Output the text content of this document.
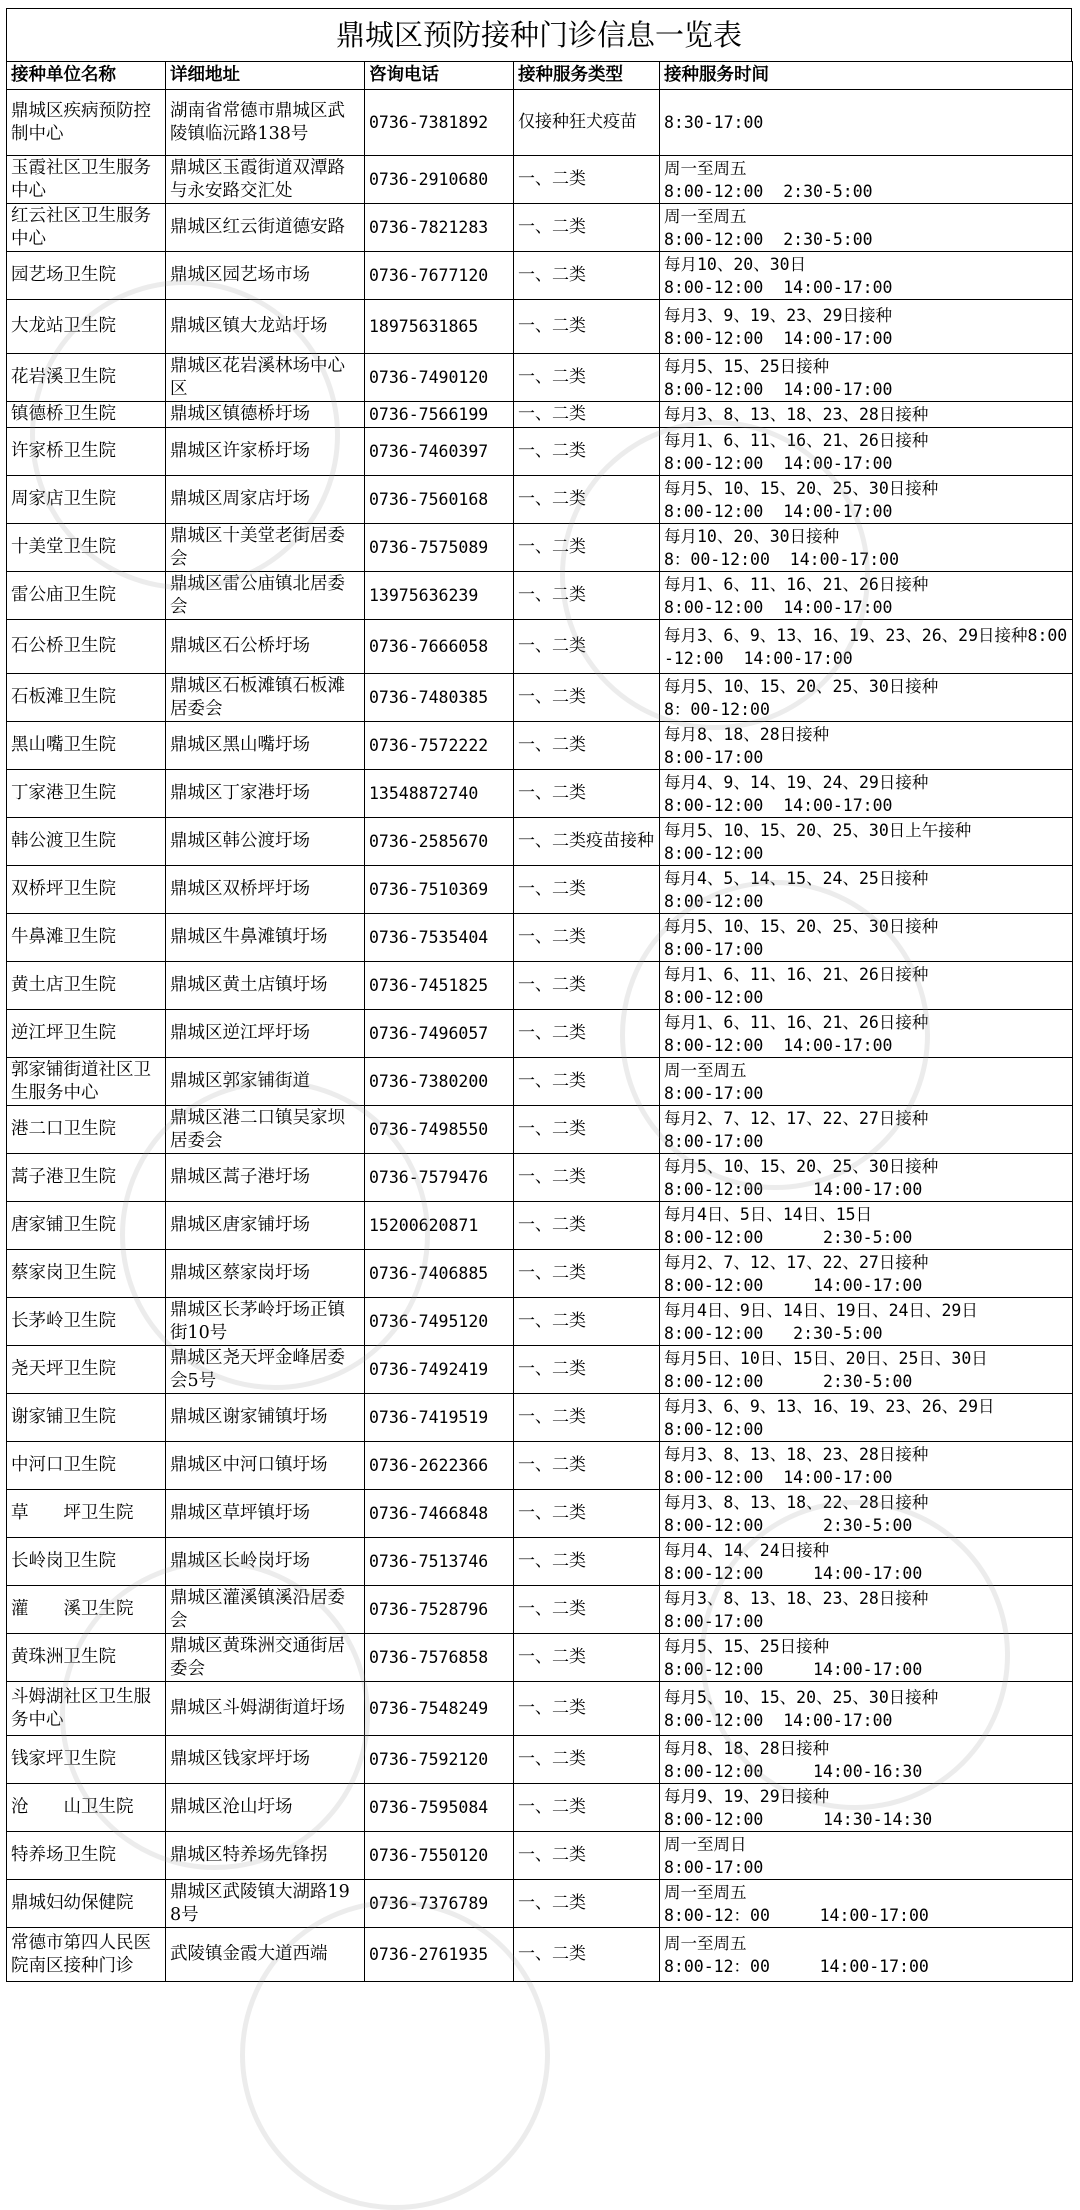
鼎城区预防接种门诊信息一览表
接种单位名称	详细地址	咨询电话	接种服务类型	接种服务时间
鼎城区疾病预防控制中心	湖南省常德市鼎城区武陵镇临沅路138号	0736-7381892	仅接种狂犬疫苗	8:30-17:00
玉霞社区卫生服务中心	鼎城区玉霞街道双潭路与永安路交汇处	0736-2910680	一、二类	周一至周五
8:00-12:00  2:30-5:00
红云社区卫生服务中心	鼎城区红云街道德安路	0736-7821283	一、二类	周一至周五
8:00-12:00  2:30-5:00
园艺场卫生院	鼎城区园艺场市场	0736-7677120	一、二类	每月10、20、30日
8:00-12:00  14:00-17:00
大龙站卫生院	鼎城区镇大龙站圩场	18975631865	一、二类	每月3、9、19、23、29日接种
8:00-12:00  14:00-17:00
花岩溪卫生院	鼎城区花岩溪林场中心区	0736-7490120	一、二类	每月5、15、25日接种
8:00-12:00  14:00-17:00
镇德桥卫生院	鼎城区镇德桥圩场	0736-7566199	一、二类	每月3、8、13、18、23、28日接种
许家桥卫生院	鼎城区许家桥圩场	0736-7460397	一、二类	每月1、6、11、16、21、26日接种
8:00-12:00  14:00-17:00
周家店卫生院	鼎城区周家店圩场	0736-7560168	一、二类	每月5、10、15、20、25、30日接种
8:00-12:00  14:00-17:00
十美堂卫生院	鼎城区十美堂老街居委会	0736-7575089	一、二类	每月10、20、30日接种
8：00-12:00  14:00-17:00
雷公庙卫生院	鼎城区雷公庙镇北居委会	13975636239	一、二类	每月1、6、11、16、21、26日接种
8:00-12:00  14:00-17:00
石公桥卫生院	鼎城区石公桥圩场	0736-7666058	一、二类	每月3、6、9、13、16、19、23、26、29日接种8:00-12:00  14:00-17:00
石板滩卫生院	鼎城区石板滩镇石板滩居委会	0736-7480385	一、二类	每月5、10、15、20、25、30日接种
8：00-12:00
黑山嘴卫生院	鼎城区黑山嘴圩场	0736-7572222	一、二类	每月8、18、28日接种
8:00-17:00
丁家港卫生院	鼎城区丁家港圩场	13548872740	一、二类	每月4、9、14、19、24、29日接种
8:00-12:00  14:00-17:00
韩公渡卫生院	鼎城区韩公渡圩场	0736-2585670	一、二类疫苗接种	每月5、10、15、20、25、30日上午接种
8:00-12:00
双桥坪卫生院	鼎城区双桥坪圩场	0736-7510369	一、二类	每月4、5、14、15、24、25日接种
8:00-12:00
牛鼻滩卫生院	鼎城区牛鼻滩镇圩场	0736-7535404	一、二类	每月5、10、15、20、25、30日接种
8:00-17:00
黄土店卫生院	鼎城区黄土店镇圩场	0736-7451825	一、二类	每月1、6、11、16、21、26日接种
8:00-12:00
逆江坪卫生院	鼎城区逆江坪圩场	0736-7496057	一、二类	每月1、6、11、16、21、26日接种
8:00-12:00  14:00-17:00
郭家铺街道社区卫生服务中心	鼎城区郭家铺街道	0736-7380200	一、二类	周一至周五
8:00-17:00
港二口卫生院	鼎城区港二口镇吴家坝居委会	0736-7498550	一、二类	每月2、7、12、17、22、27日接种
8:00-17:00
蒿子港卫生院	鼎城区蒿子港圩场	0736-7579476	一、二类	每月5、10、15、20、25、30日接种
8:00-12:00     14:00-17:00
唐家铺卫生院	鼎城区唐家铺圩场	15200620871	一、二类	每月4日、5日、14日、15日
8:00-12:00      2:30-5:00
蔡家岗卫生院	鼎城区蔡家岗圩场	0736-7406885	一、二类	每月2、7、12、17、22、27日接种
8:00-12:00     14:00-17:00
长茅岭卫生院	鼎城区长茅岭圩场正镇街10号	0736-7495120	一、二类	每月4日、9日、14日、19日、24日、29日
8:00-12:00   2:30-5:00
尧天坪卫生院	鼎城区尧天坪金峰居委会5号	0736-7492419	一、二类	每月5日、10日、15日、20日、25日、30日
8:00-12:00      2:30-5:00
谢家铺卫生院	鼎城区谢家铺镇圩场	0736-7419519	一、二类	每月3、6、9、13、16、19、23、26、29日
8:00-12:00
中河口卫生院	鼎城区中河口镇圩场	0736-2622366	一、二类	每月3、8、13、18、23、28日接种
8:00-12:00  14:00-17:00
草　　坪卫生院	鼎城区草坪镇圩场	0736-7466848	一、二类	每月3、8、13、18、22、28日接种
8:00-12:00      2:30-5:00
长岭岗卫生院	鼎城区长岭岗圩场	0736-7513746	一、二类	每月4、14、24日接种
8:00-12:00     14:00-17:00
灌　　溪卫生院	鼎城区灌溪镇溪沿居委会	0736-7528796	一、二类	每月3、8、13、18、23、28日接种
8:00-17:00
黄珠洲卫生院	鼎城区黄珠洲交通街居委会	0736-7576858	一、二类	每月5、15、25日接种
8:00-12:00     14:00-17:00
斗姆湖社区卫生服务中心	鼎城区斗姆湖街道圩场	0736-7548249	一、二类	每月5、10、15、20、25、30日接种
8:00-12:00  14:00-17:00
钱家坪卫生院	鼎城区钱家坪圩场	0736-7592120	一、二类	每月8、18、28日接种
8:00-12:00     14:00-16:30
沧　　山卫生院	鼎城区沧山圩场	0736-7595084	一、二类	每月9、19、29日接种
8:00-12:00      14:30-14:30
特养场卫生院	鼎城区特养场先锋拐	0736-7550120	一、二类	周一至周日
8:00-17:00
鼎城妇幼保健院	鼎城区武陵镇大湖路198号	0736-7376789	一、二类	周一至周五
8:00-12：00     14:00-17:00
常德市第四人民医院南区接种门诊	武陵镇金霞大道西端	0736-2761935	一、二类	周一至周五
8:00-12：00     14:00-17:00
